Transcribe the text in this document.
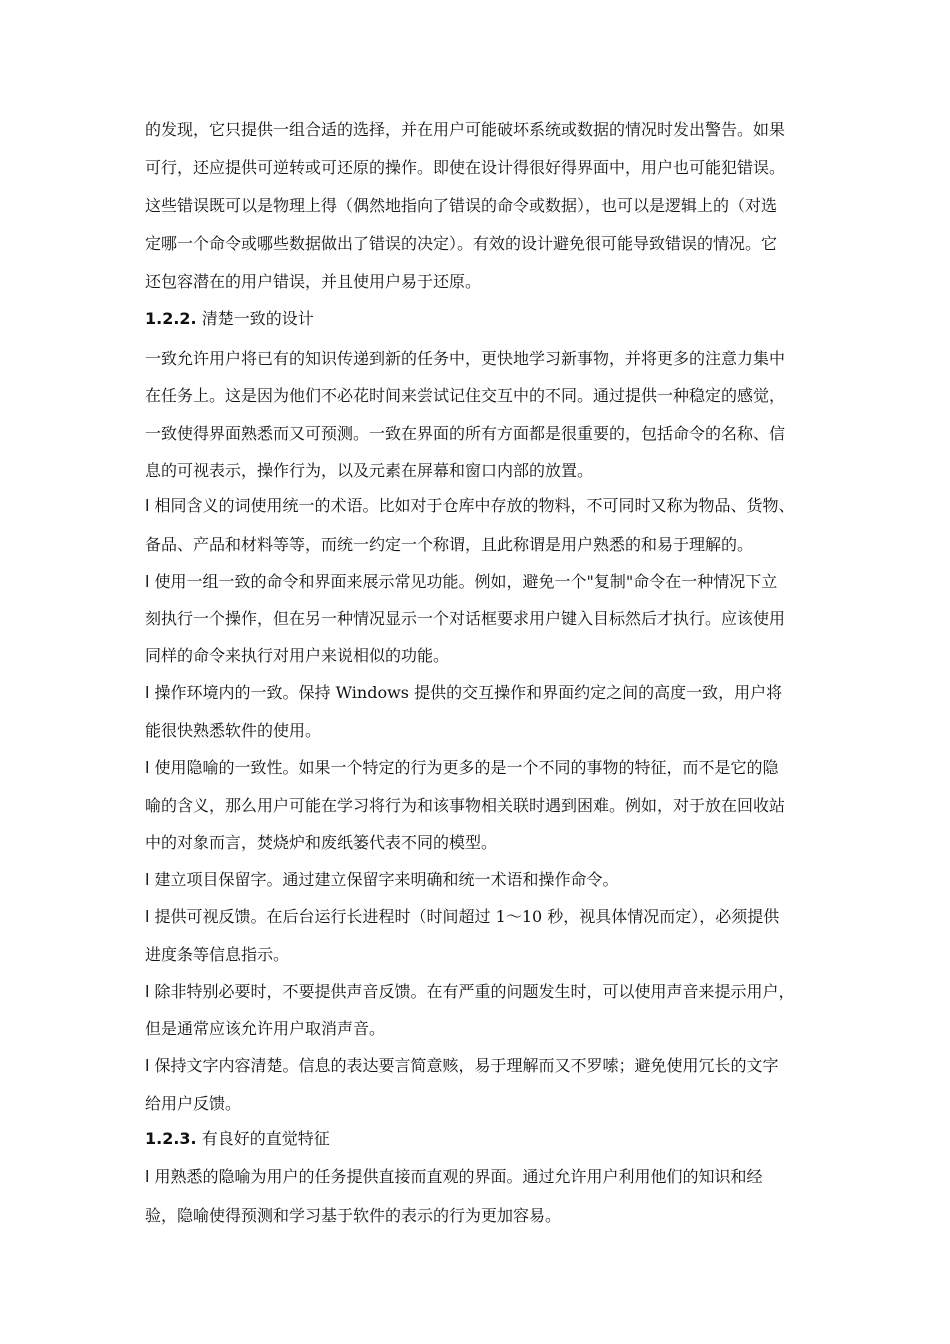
的发现，它只提供一组合适的选择，并在用户可能破坏系统或数据的情况时发出警告。如果
可行，还应提供可逆转或可还原的操作。即使在设计得很好得界面中，用户也可能犯错误。
这些错误既可以是物理上得（偶然地指向了错误的命令或数据），也可以是逻辑上的（对选
定哪一个命令或哪些数据做出了错误的决定）。有效的设计避免很可能导致错误的情况。它
还包容潜在的用户错误，并且使用户易于还原。
1.2.2. 清楚一致的设计
一致允许用户将已有的知识传递到新的任务中，更快地学习新事物，并将更多的注意力集中
在任务上。这是因为他们不必花时间来尝试记住交互中的不同。通过提供一种稳定的感觉，
一致使得界面熟悉而又可预测。一致在界面的所有方面都是很重要的，包括命令的名称、信
息的可视表示，操作行为，以及元素在屏幕和窗口内部的放置。
l 相同含义的词使用统一的术语。比如对于仓库中存放的物料，不可同时又称为物品、货物、
备品、产品和材料等等，而统一约定一个称谓，且此称谓是用户熟悉的和易于理解的。
l 使用一组一致的命令和界面来展示常见功能。例如，避免一个"复制"命令在一种情况下立
刻执行一个操作，但在另一种情况显示一个对话框要求用户键入目标然后才执行。应该使用
同样的命令来执行对用户来说相似的功能。
l 操作环境内的一致。保持 Windows 提供的交互操作和界面约定之间的高度一致，用户将
能很快熟悉软件的使用。
l 使用隐喻的一致性。如果一个特定的行为更多的是一个不同的事物的特征，而不是它的隐
喻的含义，那么用户可能在学习将行为和该事物相关联时遇到困难。例如，对于放在回收站
中的对象而言，焚烧炉和废纸篓代表不同的模型。
l 建立项目保留字。通过建立保留字来明确和统一术语和操作命令。
l 提供可视反馈。在后台运行长进程时（时间超过 1～10 秒，视具体情况而定），必须提供
进度条等信息指示。
l 除非特别必要时，不要提供声音反馈。在有严重的问题发生时，可以使用声音来提示用户，
但是通常应该允许用户取消声音。
l 保持文字内容清楚。信息的表达要言简意赅，易于理解而又不罗嗦；避免使用冗长的文字
给用户反馈。
1.2.3. 有良好的直觉特征
l 用熟悉的隐喻为用户的任务提供直接而直观的界面。通过允许用户利用他们的知识和经
验，隐喻使得预测和学习基于软件的表示的行为更加容易。
